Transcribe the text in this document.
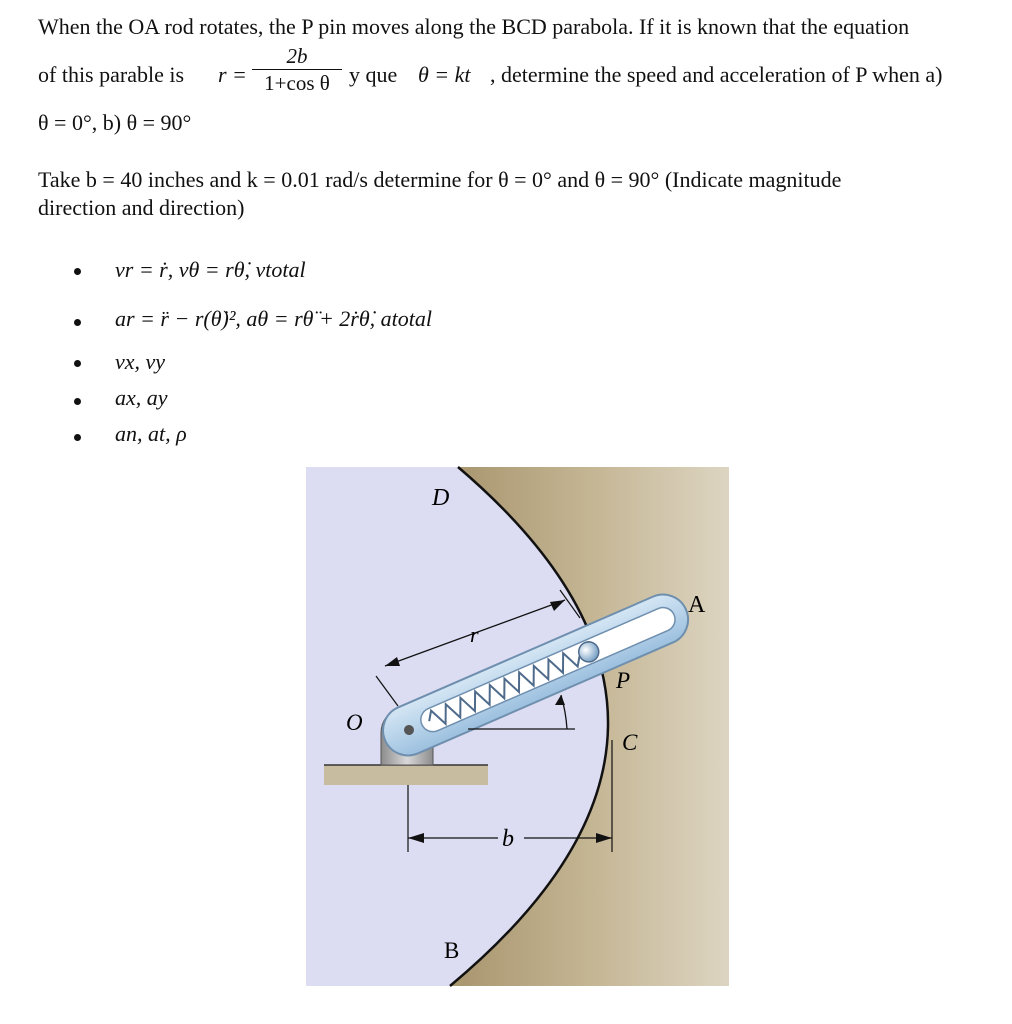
When the OA rod rotates, the P pin moves along the BCD parabola. If it is known that the equation
of this parable is r =
2b
1+cos θ y que θ = kt , determine the speed and acceleration of P when a)
θ = 0°, b) θ = 90°
Take b = 40 inches and k = 0.01 rad/s determine for θ = 0° and θ = 90° (Indicate magnitude
direction and direction)
vr = ṙ, vθ = rθ̇, vtotal
ar = r̈ − r(θ̇)², aθ = rθ̈ + 2ṙθ̇, atotal
vx, vy
ax, ay
an, at, ρ
D
A
P
C
O
B
r
b
